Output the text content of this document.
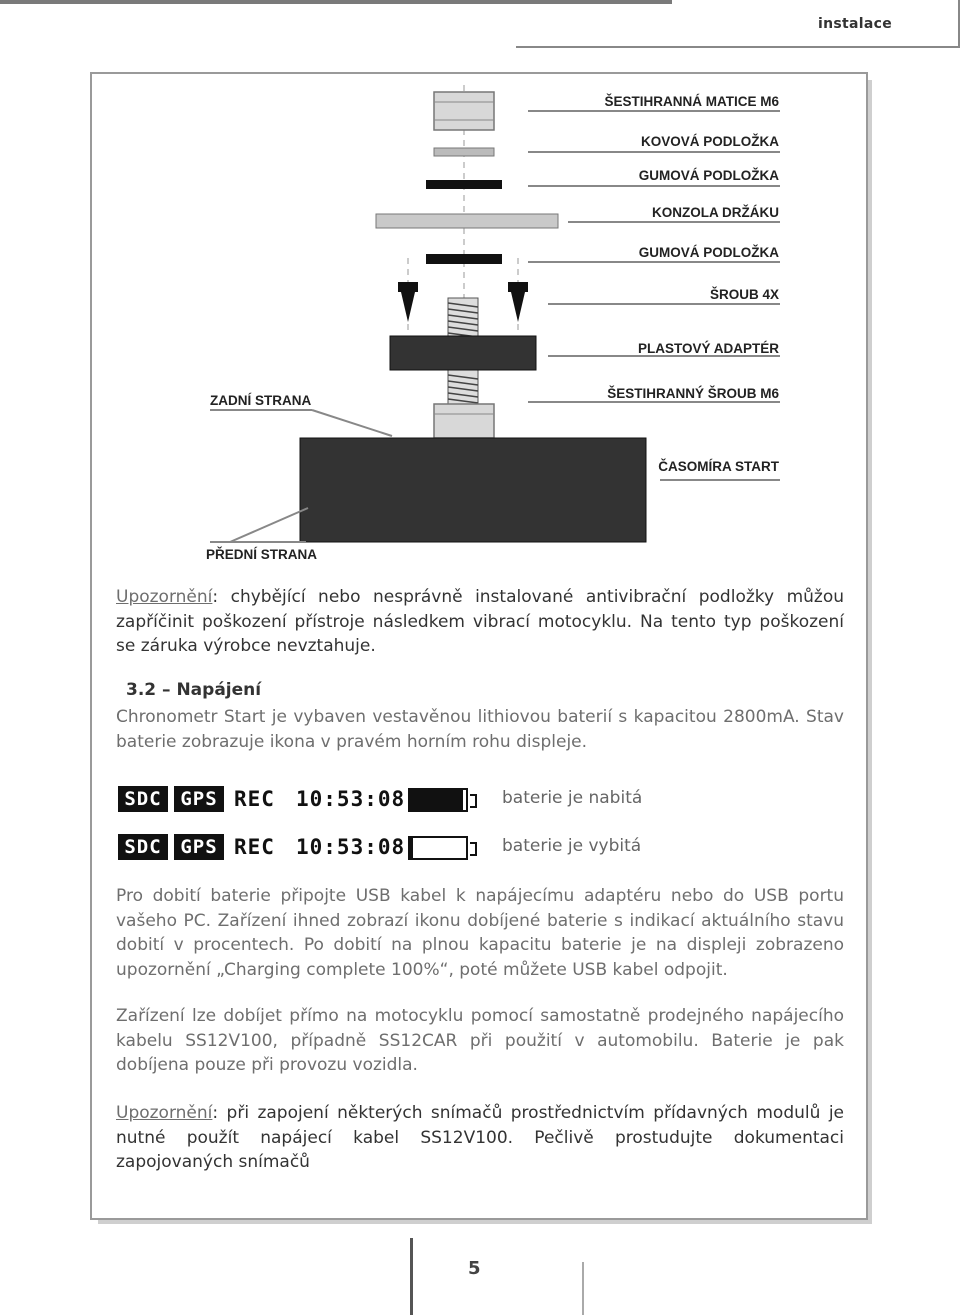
instalace
ŠESTIHRANNÁ MATICE M6
KOVOVÁ PODLOŽKA
GUMOVÁ PODLOŽKA
KONZOLA DRŽÁKU
GUMOVÁ PODLOŽKA
ŠROUB 4X
PLASTOVÝ ADAPTÉR
ŠESTIHRANNÝ ŠROUB M6
ČASOMÍRA START
ZADNÍ STRANA
PŘEDNÍ STRANA
Upozornění: chybějící nebo nesprávně instalované antivibrační podložky můžou zapříčinit poškození přístroje následkem vibrací motocyklu. Na tento typ poškození se záruka výrobce nevztahuje.
3.2 – Napájení
Chronometr Start je vybaven vestavěnou lithiovou baterií s kapacitou 2800mA. Stav baterie zobrazuje ikona v pravém horním rohu displeje.
SDC GPS REC 10:53:08	baterie je nabitá
SDC GPS REC 10:53:08	baterie je vybitá
Pro dobití baterie připojte USB kabel k napájecímu adaptéru nebo do USB portu vašeho PC. Zařízení ihned zobrazí ikonu dobíjené baterie s indikací aktuálního stavu dobití v procentech. Po dobití na plnou kapacitu baterie je na displeji zobrazeno upozornění „Charging complete 100%“, poté můžete USB kabel odpojit.
Zařízení lze dobíjet přímo na motocyklu pomocí samostatně prodejného napájecího kabelu SS12V100, případně SS12CAR při použití v automobilu. Baterie je pak dobíjena pouze při provozu vozidla.
Upozornění: při zapojení některých snímačů prostřednictvím přídavných modulů je nutné použít napájecí kabel SS12V100. Pečlivě prostudujte dokumentaci zapojovaných snímačů
5
